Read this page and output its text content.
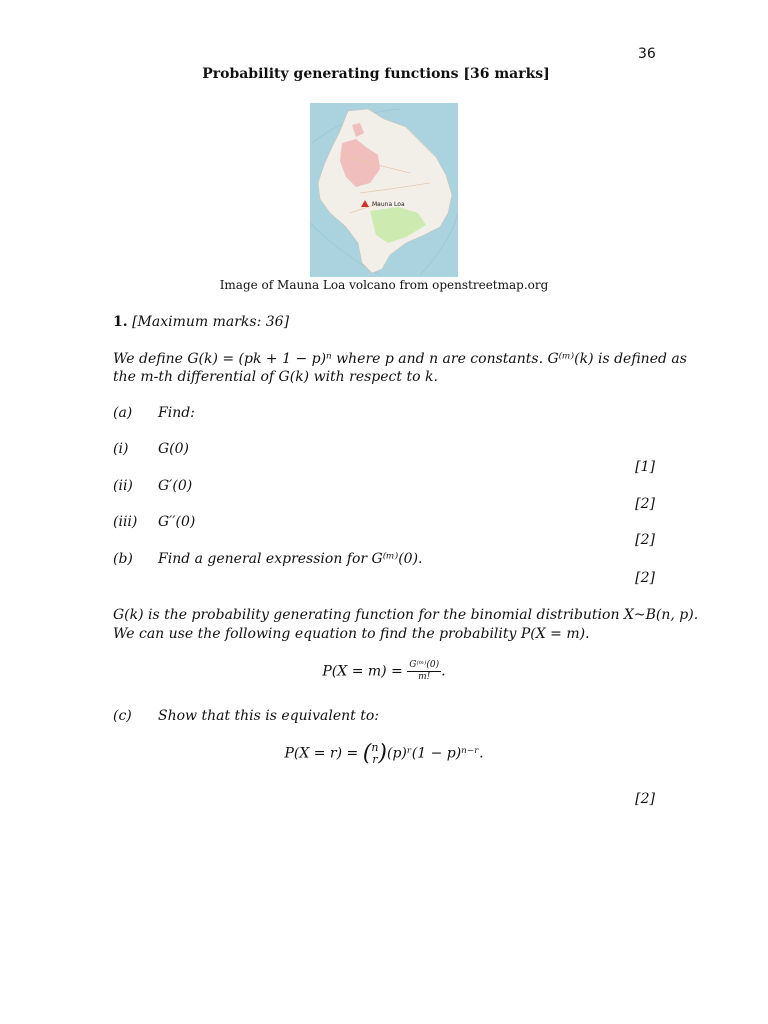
36
Probability generating functions [36 marks]
Mauna Loa
Image of Mauna Loa volcano from openstreetmap.org
1. [Maximum marks: 36]
We define G(k) = (pk + 1 − p)ⁿ where p and n are constants. G⁽ᵐ⁾(k) is defined as
the m-th differential of G(k) with respect to k.
(a) Find:
(i) G(0)
[1]
(ii) G′(0)
[2]
(iii) G′′(0)
[2]
(b) Find a general expression for G⁽ᵐ⁾(0).
[2]
G(k) is the probability generating function for the binomial distribution X~B(n, p).
We can use the following equation to find the probability P(X = m).
$P(X = m) = \frac{\text{G⁽ᵐ⁾(0)}}{m!}$ .
(c) Show that this is equivalent to:
P(X = r) = ( n
r )(p)ʳ(1 − p)ⁿ⁻ʳ.
[2]
